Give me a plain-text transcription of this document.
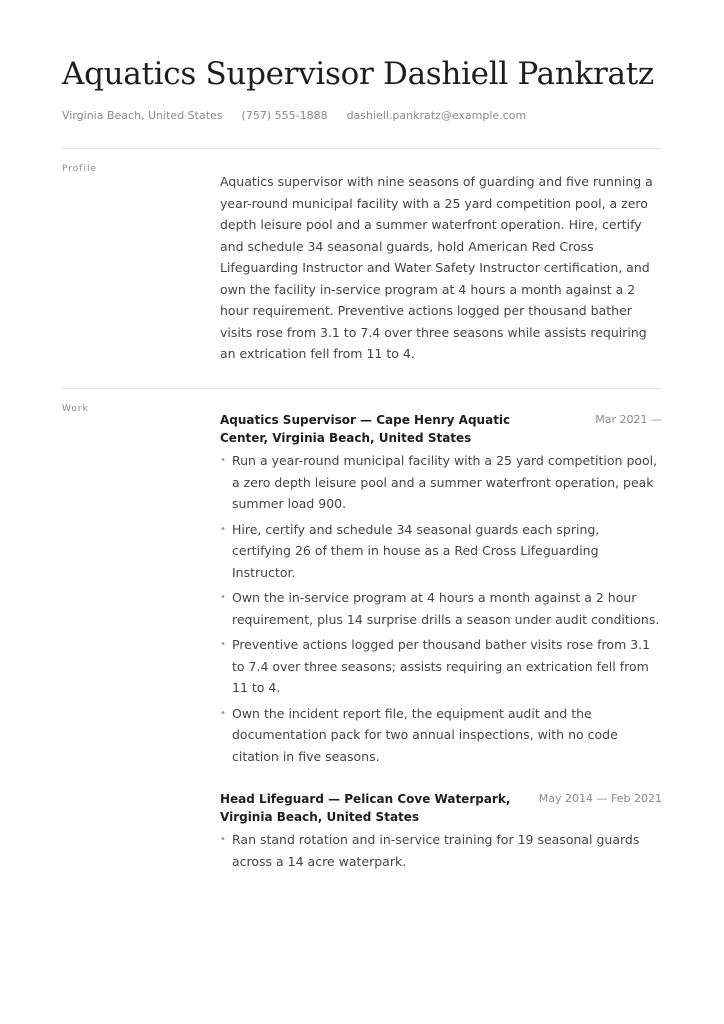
Aquatics Supervisor Dashiell Pankratz
Virginia Beach, United States (757) 555-1888 dashiell.pankratz@example.com
Profile

Aquatics supervisor with nine seasons of guarding and five running a year-round municipal facility with a 25 yard competition pool, a zero depth leisure pool and a summer waterfront operation. Hire, certify and schedule 34 seasonal guards, hold American Red Cross Lifeguarding Instructor and Water Safety Instructor certification, and own the facility in-service program at 4 hours a month against a 2 hour requirement. Preventive actions logged per thousand bather visits rose from 3.1 to 7.4 over three seasons while assists requiring an extrication fell from 11 to 4.

Work
Aquatics Supervisor — Cape Henry Aquatic Center, Virginia Beach, United States
Mar 2021 —
• Run a year-round municipal facility with a 25 yard competition pool, a zero depth leisure pool and a summer waterfront operation, peak summer load 900.
• Hire, certify and schedule 34 seasonal guards each spring, certifying 26 of them in house as a Red Cross Lifeguarding Instructor.
• Own the in-service program at 4 hours a month against a 2 hour requirement, plus 14 surprise drills a season under audit conditions.
• Preventive actions logged per thousand bather visits rose from 3.1 to 7.4 over three seasons; assists requiring an extrication fell from 11 to 4.
• Own the incident report file, the equipment audit and the documentation pack for two annual inspections, with no code citation in five seasons.
Head Lifeguard — Pelican Cove Waterpark, Virginia Beach, United States
May 2014 — Feb 2021
• Ran stand rotation and in-service training for 19 seasonal guards across a 14 acre waterpark.
